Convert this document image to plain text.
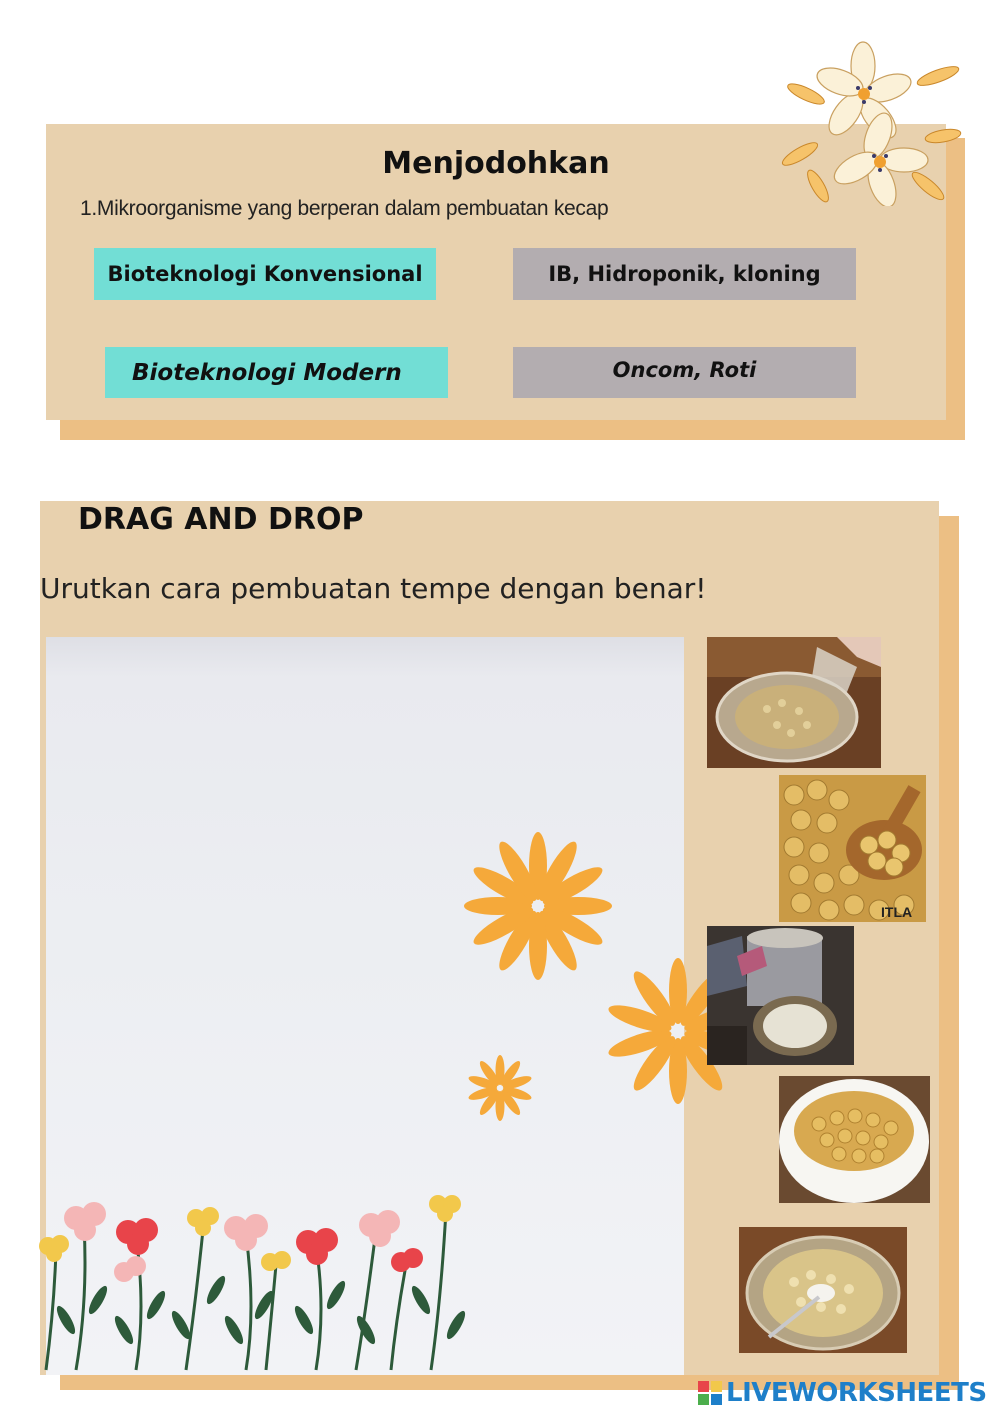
Menjodohkan
1.Mikroorganisme yang berperan dalam pembuatan kecap
Bioteknologi Konvensional
Bioteknologi Modern
IB, Hidroponik, kloning
Oncom, Roti
DRAG AND DROP
Urutkan cara pembuatan tempe dengan benar!
ITLA
LIVEWORKSHEETS
